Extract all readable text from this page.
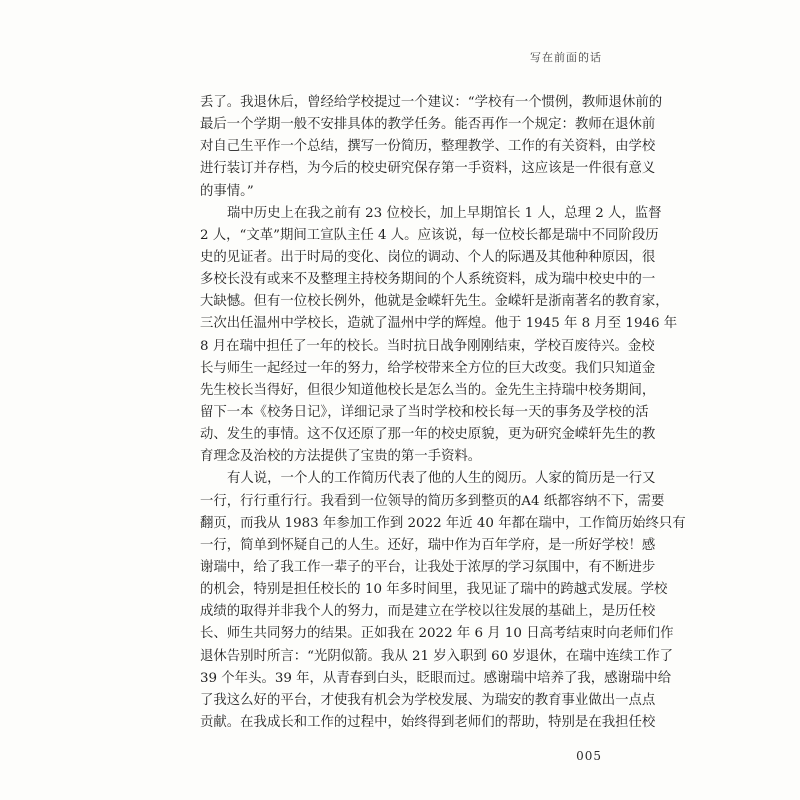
写在前面的话
丢了。我退休后，曾经给学校提过一个建议：“学校有一个惯例，教师退休前的
最后一个学期一般不安排具体的教学任务。能否再作一个规定：教师在退休前
对自己生平作一个总结，撰写一份简历，整理教学、工作的有关资料，由学校
进行装订并存档，为今后的校史研究保存第一手资料，这应该是一件很有意义
的事情。”
瑞中历史上在我之前有 23 位校长，加上早期馆长 1 人，总理 2 人，监督
2 人，“文革”期间工宣队主任 4 人。应该说，每一位校长都是瑞中不同阶段历
史的见证者。出于时局的变化、岗位的调动、个人的际遇及其他种种原因，很
多校长没有或来不及整理主持校务期间的个人系统资料，成为瑞中校史中的一
大缺憾。但有一位校长例外，他就是金嵘轩先生。金嵘轩是浙南著名的教育家，
三次出任温州中学校长，造就了温州中学的辉煌。他于 1945 年 8 月至 1946 年
8 月在瑞中担任了一年的校长。当时抗日战争刚刚结束，学校百废待兴。金校
长与师生一起经过一年的努力，给学校带来全方位的巨大改变。我们只知道金
先生校长当得好，但很少知道他校长是怎么当的。金先生主持瑞中校务期间，
留下一本《校务日记》，详细记录了当时学校和校长每一天的事务及学校的活
动、发生的事情。这不仅还原了那一年的校史原貌，更为研究金嵘轩先生的教
育理念及治校的方法提供了宝贵的第一手资料。
有人说，一个人的工作简历代表了他的人生的阅历。人家的简历是一行又
一行，行行重行行。我看到一位领导的简历多到整页的A4 纸都容纳不下，需要
翻页，而我从 1983 年参加工作到 2022 年近 40 年都在瑞中，工作简历始终只有
一行，简单到怀疑自己的人生。还好，瑞中作为百年学府，是一所好学校！感
谢瑞中，给了我工作一辈子的平台，让我处于浓厚的学习氛围中，有不断进步
的机会，特别是担任校长的 10 年多时间里，我见证了瑞中的跨越式发展。学校
成绩的取得并非我个人的努力，而是建立在学校以往发展的基础上，是历任校
长、师生共同努力的结果。正如我在 2022 年 6 月 10 日高考结束时向老师们作
退休告别时所言：“光阴似箭。我从 21 岁入职到 60 岁退休，在瑞中连续工作了
39 个年头。39 年，从青春到白头，眨眼而过。感谢瑞中培养了我，感谢瑞中给
了我这么好的平台，才使我有机会为学校发展、为瑞安的教育事业做出一点点
贡献。在我成长和工作的过程中，始终得到老师们的帮助，特别是在我担任校
005
